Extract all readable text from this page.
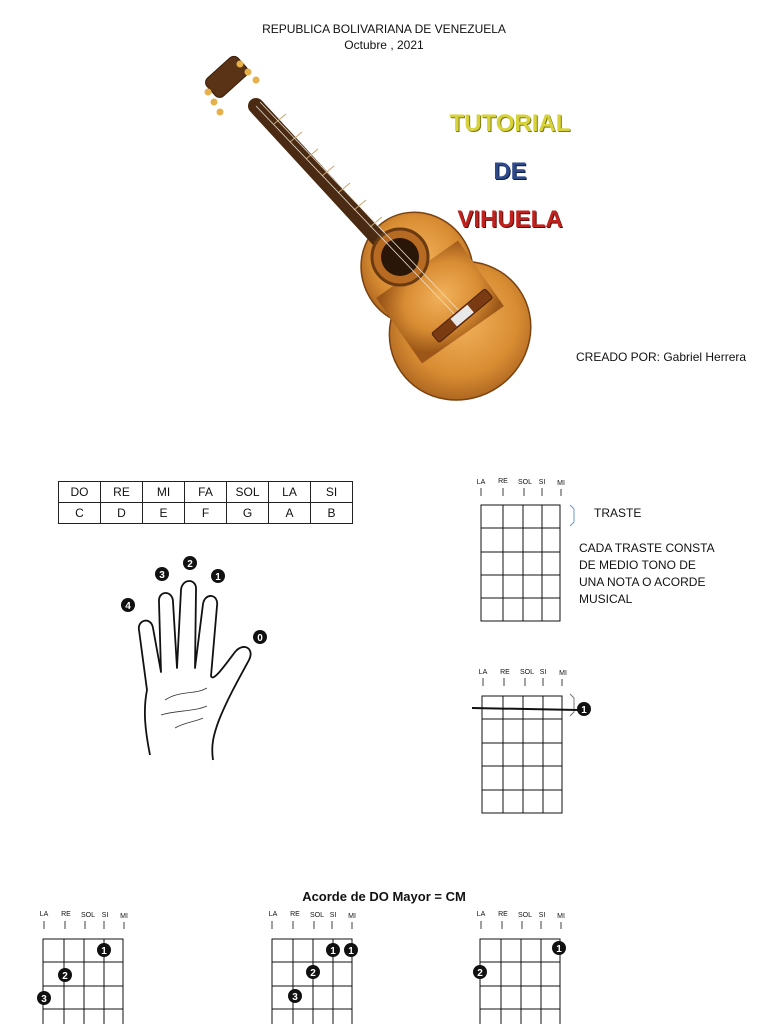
REPUBLICA BOLIVARIANA DE VENEZUELA
Octubre , 2021
TUTORIAL
DE
VIHUELA
CREADO POR: Gabriel Herrera
DO	RE	MI	FA	SOL	LA	SI
C	D	E	F	G	A	B
0
1
2
3
4
LA RE SOL SI MI
TRASTE
CADA TRASTE CONSTA DE MEDIO TONO DE UNA NOTA O ACORDE MUSICAL
LA RE SOL SI MI
1
Acorde de DO Mayor = CM
LA RE SOL SI MI
1
2
3
LA RE SOL SI MI
1 1
2
3
LA RE SOL SI MI
1
2
